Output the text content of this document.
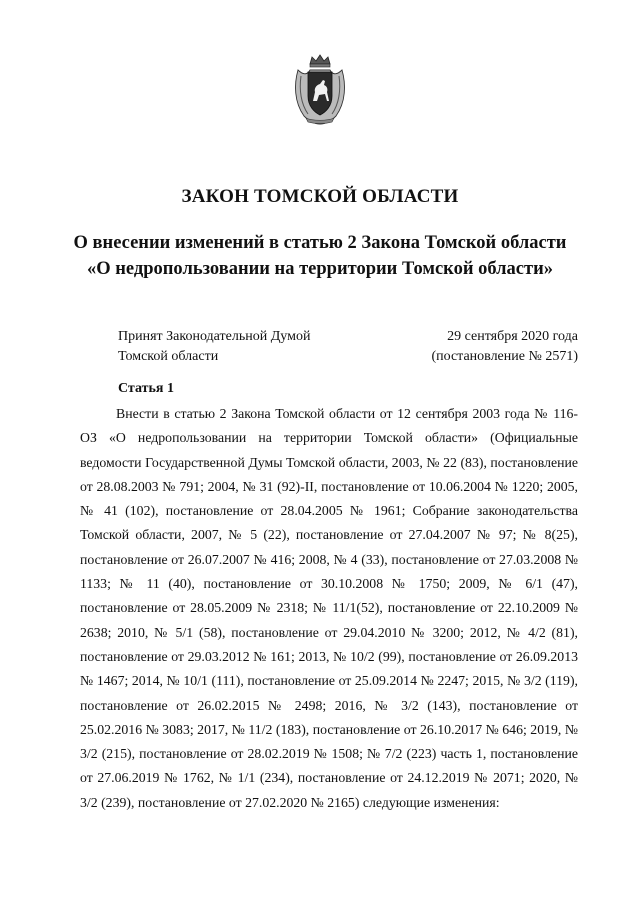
ЗАКОН ТОМСКОЙ ОБЛАСТИ
О внесении изменений в статью 2 Закона Томской области «О недропользовании на территории Томской области»
Принят Законодательной Думой
Томской области
29 сентября 2020 года
(постановление № 2571)
Статья 1

Внести в статью 2 Закона Томской области от 12 сентября 2003 года № 116-ОЗ «О недропользовании на территории Томской области» (Официальные ведомости Государственной Думы Томской области, 2003, № 22 (83), постановление от 28.08.2003 № 791; 2004, № 31 (92)-II, постановление от 10.06.2004 № 1220; 2005, № 41 (102), постановление от 28.04.2005 № 1961; Собрание законодательства Томской области, 2007, № 5 (22), постановление от 27.04.2007 № 97; № 8(25), постановление от 26.07.2007 № 416; 2008, № 4 (33), постановление от 27.03.2008 № 1133; № 11 (40), постановление от 30.10.2008 № 1750; 2009, № 6/1 (47), постановление от 28.05.2009 № 2318; № 11/1(52), постановление от 22.10.2009 № 2638; 2010, № 5/1 (58), постановление от 29.04.2010 № 3200; 2012, № 4/2 (81), постановление от 29.03.2012 № 161; 2013, № 10/2 (99), постановление от 26.09.2013 № 1467; 2014, № 10/1 (111), постановление от 25.09.2014 № 2247; 2015, № 3/2 (119), постановление от 26.02.2015 № 2498; 2016, № 3/2 (143), постановление от 25.02.2016 № 3083; 2017, № 11/2 (183), постановление от 26.10.2017 № 646; 2019, № 3/2 (215), постановление от 28.02.2019 № 1508; № 7/2 (223) часть 1, постановление от 27.06.2019 № 1762, № 1/1 (234), постановление от 24.12.2019 № 2071; 2020, № 3/2 (239), постановление от 27.02.2020 № 2165) следующие изменения:
